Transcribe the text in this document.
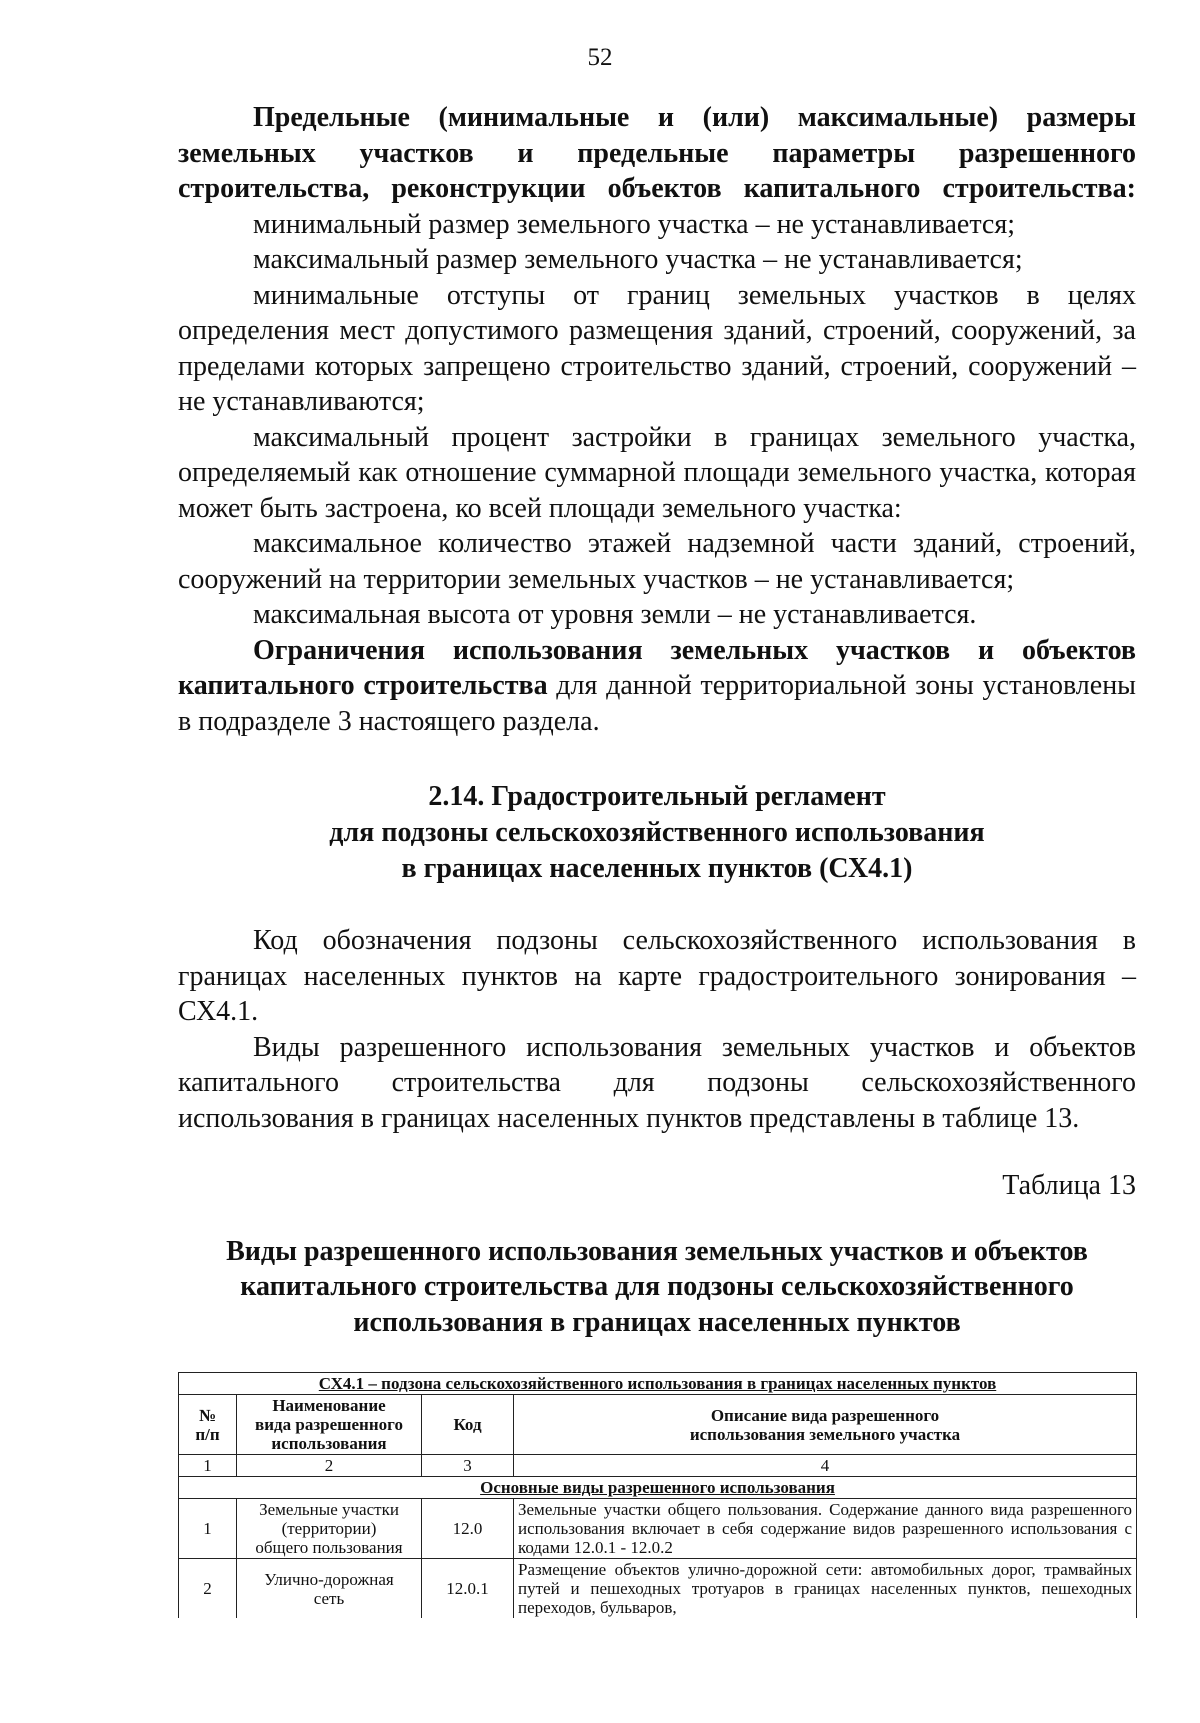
52

Предельные (минимальные и (или) максимальные) размеры земельных участков и предельные параметры разрешенного строительства, реконструкции объектов капитального строительства:

минимальный размер земельного участка – не устанавливается;

максимальный размер земельного участка – не устанавливается;

минимальные отступы от границ земельных участков в целях определения мест допустимого размещения зданий, строений, сооружений, за пределами которых запрещено строительство зданий, строений, сооружений – не устанавливаются;

максимальный процент застройки в границах земельного участка, определяемый как отношение суммарной площади земельного участка, которая может быть застроена, ко всей площади земельного участка:

максимальное количество этажей надземной части зданий, строений, сооружений на территории земельных участков – не устанавливается;

максимальная высота от уровня земли – не устанавливается.

Ограничения использования земельных участков и объектов капитального строительства для данной территориальной зоны установлены в подразделе 3 настоящего раздела.

2.14. Градостроительный регламент
для подзоны сельскохозяйственного использования
в границах населенных пунктов (СХ4.1)

Код обозначения подзоны сельскохозяйственного использования в границах населенных пунктов на карте градостроительного зонирования – СХ4.1.

Виды разрешенного использования земельных участков и объектов капитального строительства для подзоны сельскохозяйственного использования в границах населенных пунктов представлены в таблице 13.

Таблица 13

Виды разрешенного использования земельных участков и объектов
капитального строительства для подзоны сельскохозяйственного
использования в границах населенных пунктов

СХ4.1 – подзона сельскохозяйственного использования в границах населенных пунктов			
№
п/п	Наименование
вида разрешенного
использования	Код	Описание вида разрешенного
использования земельного участка
1	2	3	4
Основные виды разрешенного использования			
1	Земельные участки
(территории)
общего пользования	12.0	Земельные участки общего пользования. Содержание данного вида разрешенного использования включает в себя содержание видов разрешенного использования с кодами 12.0.1 - 12.0.2
2	Улично-дорожная
сеть	12.0.1	Размещение объектов улично-дорожной сети: автомобильных дорог, трамвайных путей и пешеходных тротуаров в границах населенных пунктов, пешеходных переходов, бульваров,
